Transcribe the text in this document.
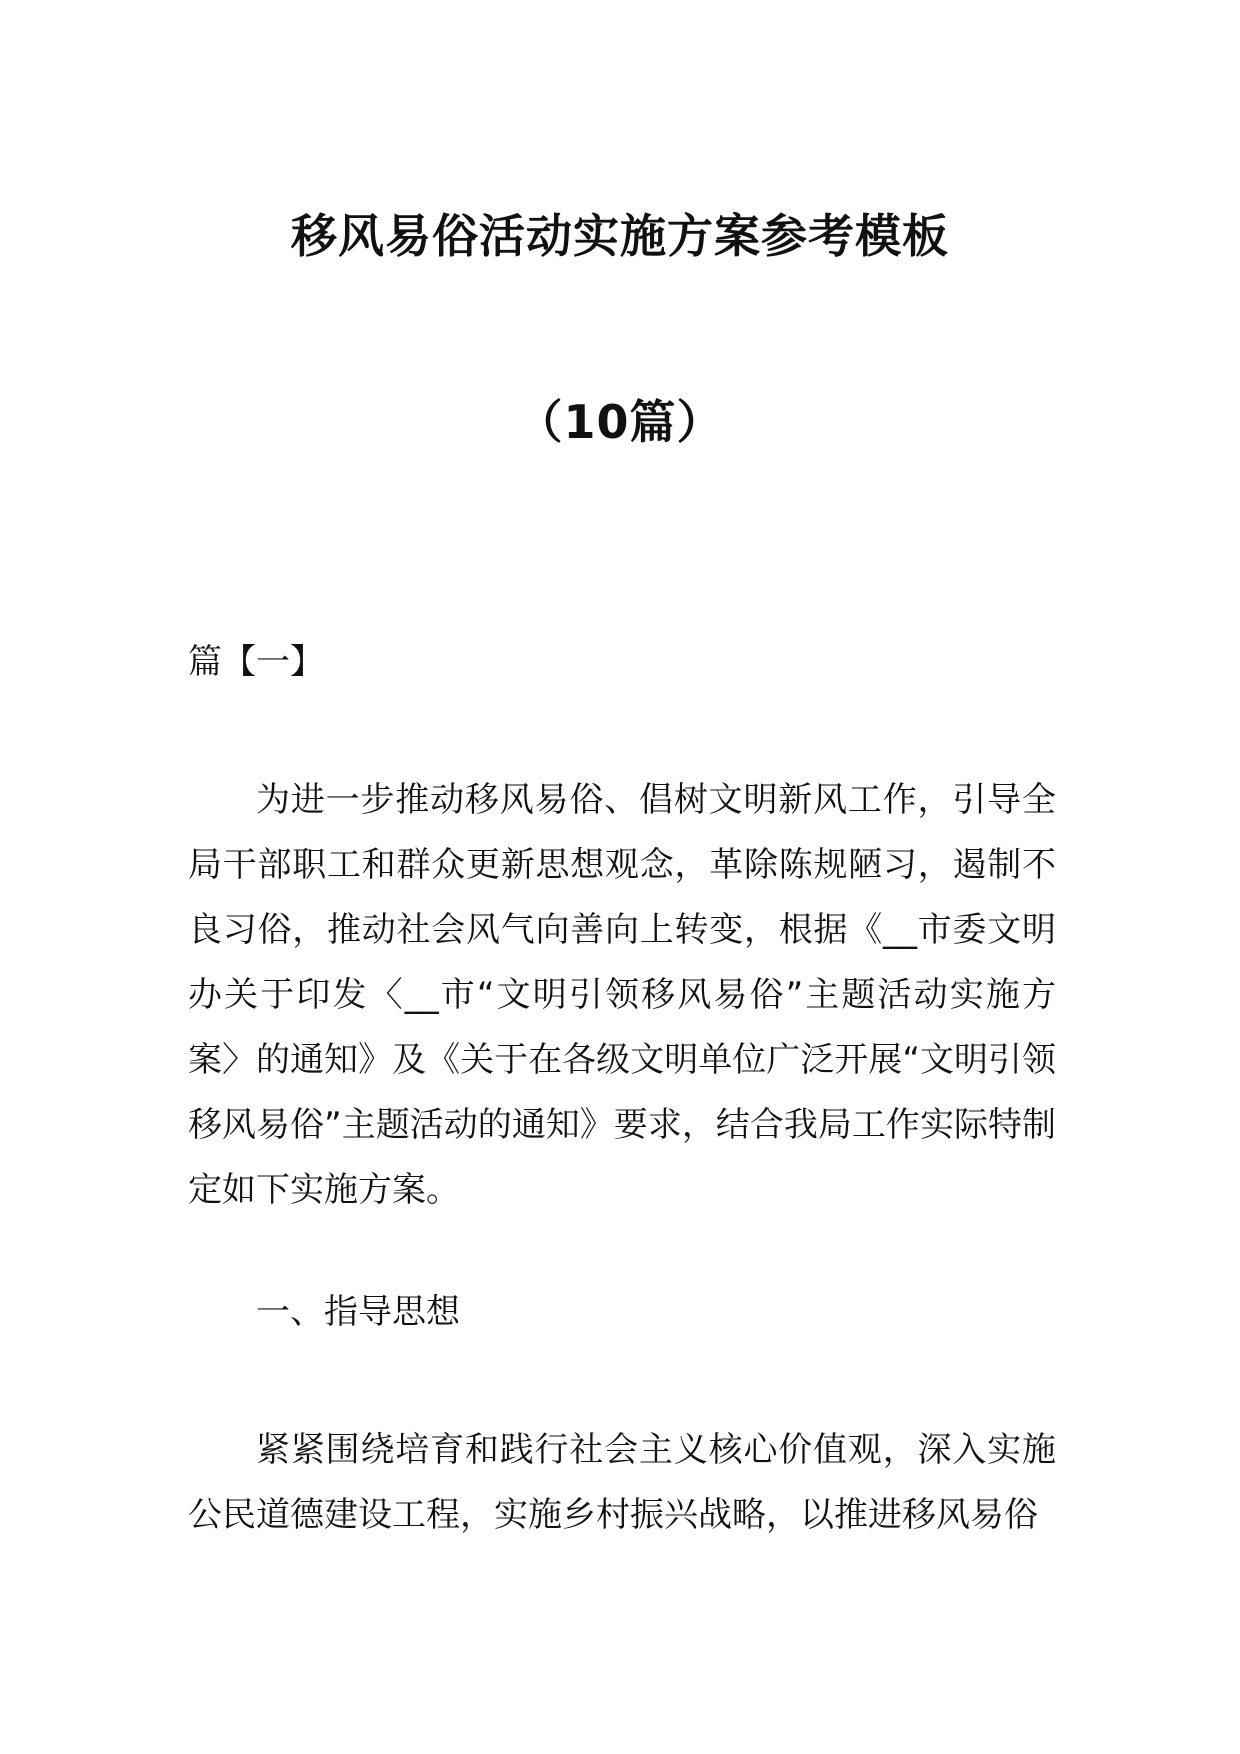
移风易俗活动实施方案参考模板
（10篇）
篇【一】

为进一步推动移风易俗、倡树文明新风工作，引导全局干部职工和群众更新思想观念，革除陈规陋习，遏制不良习俗，推动社会风气向善向上转变，根据《__市委文明办关于印发〈__市“文明引领移风易俗”主题活动实施方案〉的通知》及《关于在各级文明单位广泛开展“文明引领移风易俗”主题活动的通知》要求，结合我局工作实际特制定如下实施方案。

一、指导思想

紧紧围绕培育和践行社会主义核心价值观，深入实施公民道德建设工程，实施乡村振兴战略，以推进移风易俗
